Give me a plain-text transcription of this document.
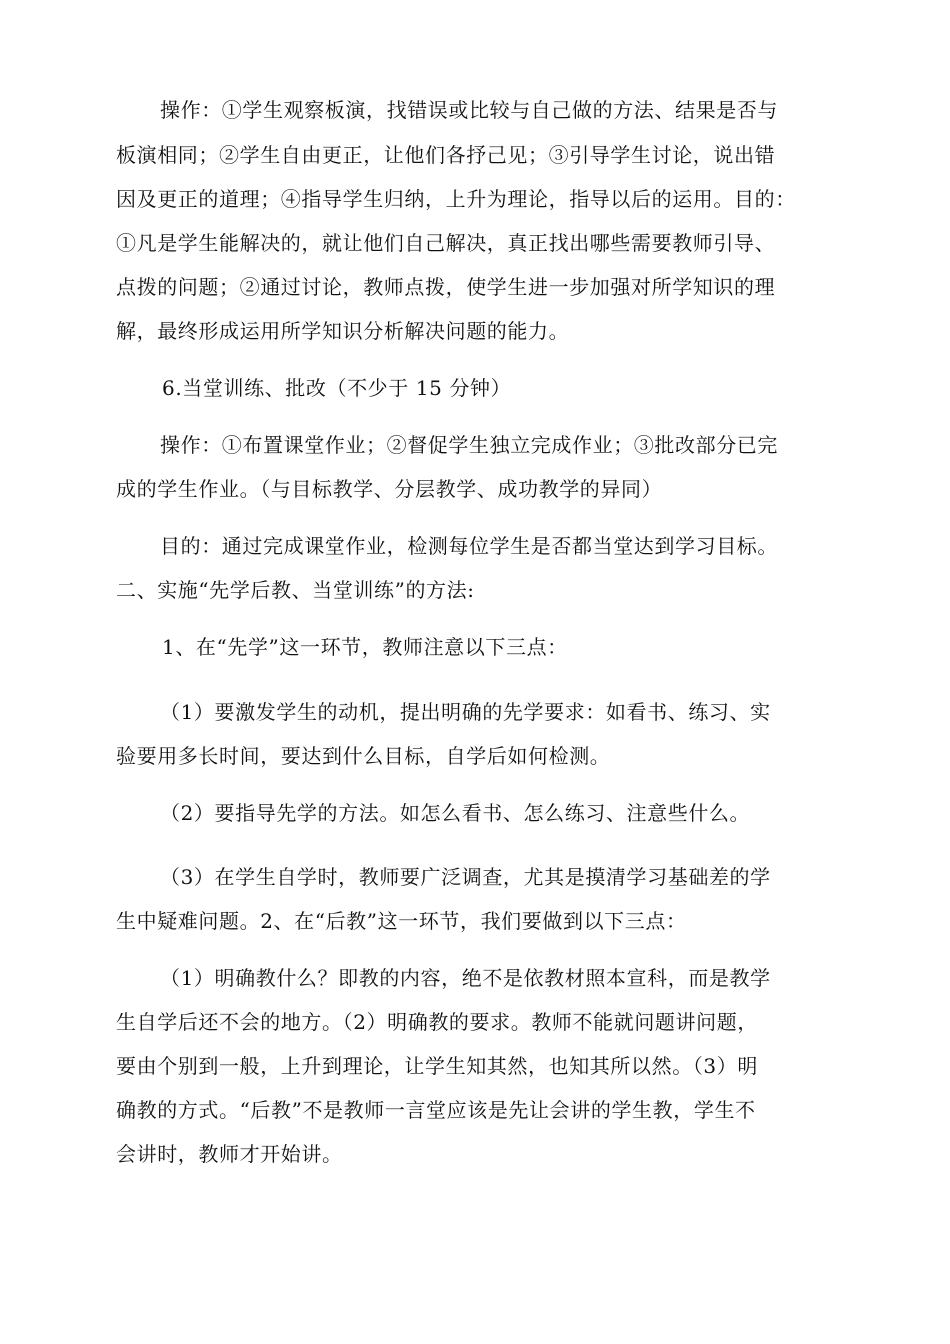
操作：①学生观察板演，找错误或比较与自己做的方法、结果是否与
板演相同；②学生自由更正，让他们各抒己见；③引导学生讨论，说出错
因及更正的道理；④指导学生归纳，上升为理论，指导以后的运用。目的：
①凡是学生能解决的，就让他们自己解决，真正找出哪些需要教师引导、
点拨的问题；②通过讨论，教师点拨，使学生进一步加强对所学知识的理
解，最终形成运用所学知识分析解决问题的能力。
6.当堂训练、批改（不少于 15 分钟）
操作：①布置课堂作业；②督促学生独立完成作业；③批改部分已完
成的学生作业。（与目标教学、分层教学、成功教学的异同）
目的：通过完成课堂作业，检测每位学生是否都当堂达到学习目标。
二、实施“先学后教、当堂训练”的方法:
1、在“先学”这一环节，教师注意以下三点：
（1）要激发学生的动机，提出明确的先学要求：如看书、练习、实
验要用多长时间，要达到什么目标，自学后如何检测。
（2）要指导先学的方法。如怎么看书、怎么练习、注意些什么。
（3）在学生自学时，教师要广泛调查，尤其是摸清学习基础差的学
生中疑难问题。2、在“后教”这一环节，我们要做到以下三点：
（1）明确教什么？即教的内容，绝不是依教材照本宣科，而是教学
生自学后还不会的地方。（2）明确教的要求。教师不能就问题讲问题，
要由个别到一般，上升到理论，让学生知其然，也知其所以然。（3）明
确教的方式。“后教”不是教师一言堂应该是先让会讲的学生教，学生不
会讲时，教师才开始讲。
